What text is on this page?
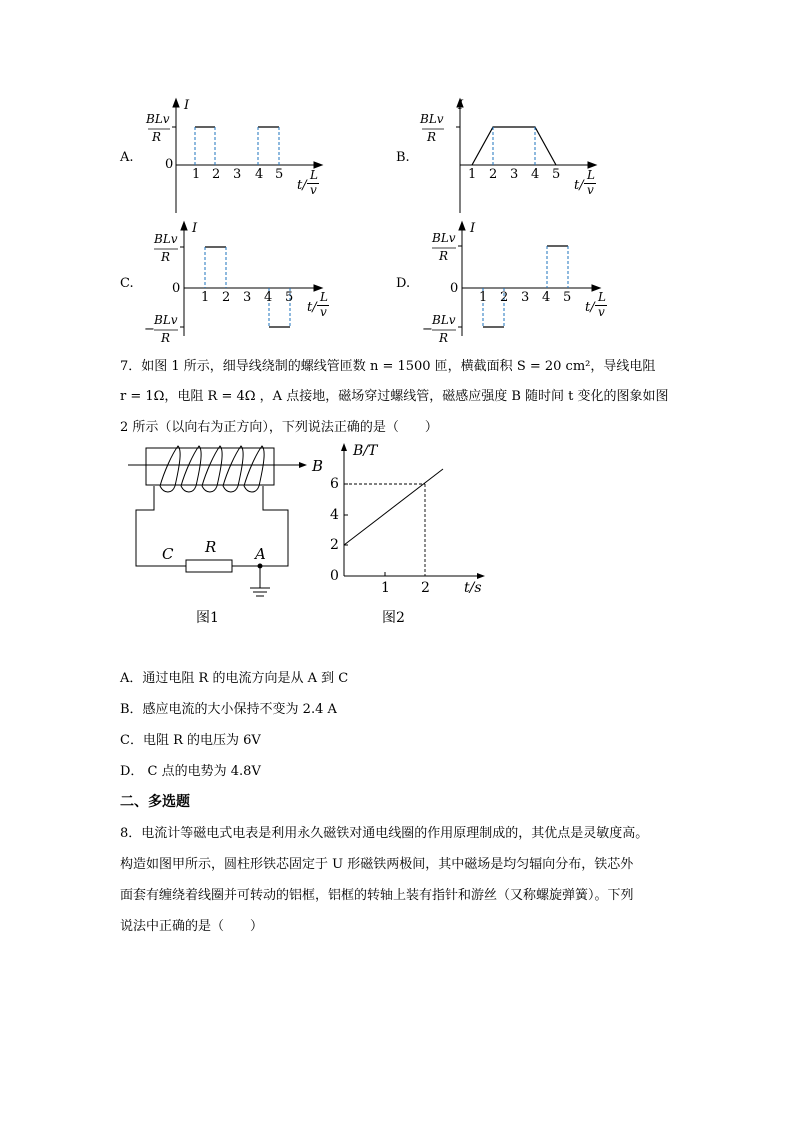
A.
BLv
R
I
0
1 2 3 4 5
t/
L
v
B.
BLv
R
I
1 2 3 4 5
t/
L
v
C.
BLv
R
−
BLv
R
I
0
1 2 3 4 5
t/
L
v
D.
BLv
R
−
BLv
R
I
0
1 2 3 4 5
t/
L
v
7．如图 1 所示，细导线绕制的螺线管匝数 n = 1500 匝，横截面积 S = 20 cm²，导线电阻
r = 1Ω，电阻 R = 4Ω ，A 点接地，磁场穿过螺线管，磁感应强度 B 随时间 t 变化的图象如图
2 所示（以向右为正方向），下列说法正确的是（　　）
B
C R	A
图1
B/T
0
2
4
6
1 2 t/s
图2
A．通过电阻 R 的电流方向是从 A 到 C
B．感应电流的大小保持不变为 2.4 A
C．电阻 R 的电压为 6V
D． C 点的电势为 4.8V
二、多选题
8．电流计等磁电式电表是利用永久磁铁对通电线圈的作用原理制成的，其优点是灵敏度高。
构造如图甲所示，圆柱形铁芯固定于 U 形磁铁两极间，其中磁场是均匀辐向分布，铁芯外
面套有缠绕着线圈并可转动的铝框，铝框的转轴上装有指针和游丝（又称螺旋弹簧）。下列
说法中正确的是（　　）
